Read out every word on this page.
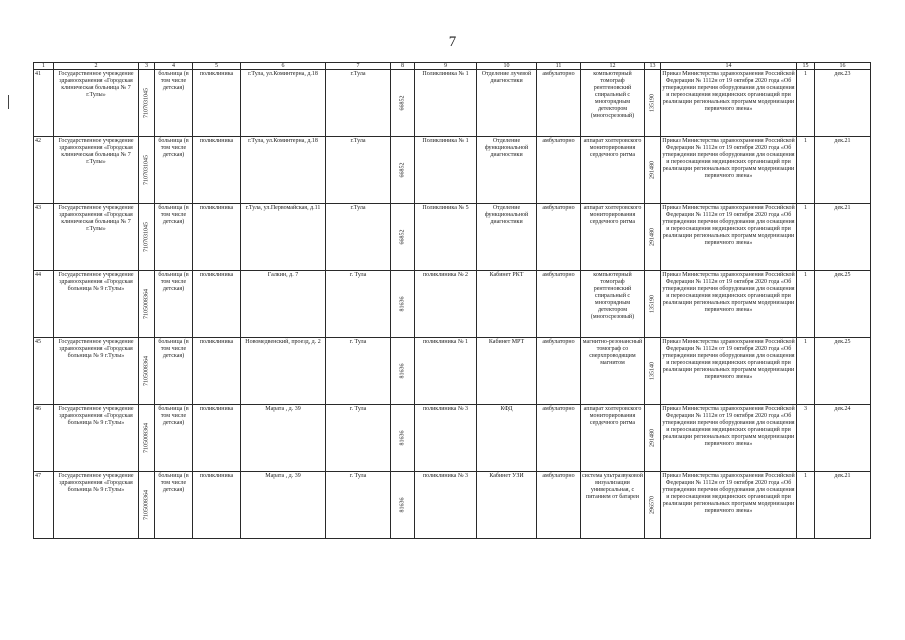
7
1	2	3	4	5	6	7	8	9	10	11	12	13	14	15	16
41	Государственное учреждение здравоохранения «Городская клиническая больница № 7 г.Тулы»	7107031045	больница (в том числе детская)	поликлиника	г.Тула, ул.Коминтерна, д.18	г.Тула	66852	Поликлиника № 1	Отделение лучевой диагностики	амбулаторно	компьютерный томограф рентгеновский спиральный с многорядным детектором (многосрезовый)	135190	Приказ Министерства здравоохранения Российской Федерации № 1112н от 19 октября 2020 года «Об утверждении перечня оборудования для оснащения и переоснащения медицинских организаций при реализации региональных программ модернизации первичного звена»	1	дек.23
42	Государственное учреждение здравоохранения «Городская клиническая больница № 7 г.Тулы»	7107031045	больница (в том числе детская)	поликлиника	г.Тула, ул.Коминтерна, д.18	г.Тула	66852	Поликлиника № 1	Отделение функциональной диагностики	амбулаторно	аппарат холтеровского мониторирования сердечного ритма	291480	Приказ Министерства здравоохранения Российской Федерации № 1112н от 19 октября 2020 года «Об утверждении перечня оборудования для оснащения и переоснащения медицинских организаций при реализации региональных программ модернизации первичного звена»	1	дек.21
43	Государственное учреждение здравоохранения «Городская клиническая больница № 7 г.Тулы»	7107031045	больница (в том числе детская)	поликлиника	г.Тула, ул.Первомайская, д.11	г.Тула	66852	Поликлиника № 5	Отделение функциональной диагностики	амбулаторно	аппарат холтеровского мониторирования сердечного ритма	291480	Приказ Министерства здравоохранения Российской Федерации № 1112н от 19 октября 2020 года «Об утверждении перечня оборудования для оснащения и переоснащения медицинских организаций при реализации региональных программ модернизации первичного звена»	1	дек.21
44	Государственное учреждение здравоохранения «Городская больница № 9 г.Тулы»	7105008364	больница (в том числе детская)	поликлиника	Галкин, д. 7	г. Тула	81636	поликлиника № 2	Кабинет РКТ	амбулаторно	компьютерный томограф рентгеновский спиральный с многорядным детектором (многосрезовый)	135190	Приказ Министерства здравоохранения Российской Федерации № 1112н от 19 октября 2020 года «Об утверждении перечня оборудования для оснащения и переоснащения медицинских организаций при реализации региональных программ модернизации первичного звена»	1	дек.25
45	Государственное учреждение здравоохранения «Городская больница № 9 г.Тулы»	7105008364	больница (в том числе детская)	поликлиника	Новомедвенский, проезд, д. 2	г. Тула	81636	поликлиника № 1	Кабинет МРТ	амбулаторно	магнитно-резонансный томограф со сверхпроводящим магнитом	135140	Приказ Министерства здравоохранения Российской Федерации № 1112н от 19 октября 2020 года «Об утверждении перечня оборудования для оснащения и переоснащения медицинских организаций при реализации региональных программ модернизации первичного звена»	1	дек.25
46	Государственное учреждение здравоохранения «Городская больница № 9 г.Тулы»	7105008364	больница (в том числе детская)	поликлиника	Марата , д. 39	г. Тула	81636	поликлиника № 3	КФД	амбулаторно	аппарат холтеровского мониторирования сердечного ритма	291480	Приказ Министерства здравоохранения Российской Федерации № 1112н от 19 октября 2020 года «Об утверждении перечня оборудования для оснащения и переоснащения медицинских организаций при реализации региональных программ модернизации первичного звена»	3	дек.24
47	Государственное учреждение здравоохранения «Городская больница № 9 г.Тулы»	7105008364	больница (в том числе детская)	поликлиника	Марата , д. 39	г. Тула	81636	поликлиника № 3	Кабинет УЗИ	амбулаторно	система ультразвуковой визуализации универсальная, с питанием от батареи	296570	Приказ Министерства здравоохранения Российской Федерации № 1112н от 19 октября 2020 года «Об утверждении перечня оборудования для оснащения и переоснащения медицинских организаций при реализации региональных программ модернизации первичного звена»	1	дек.21
